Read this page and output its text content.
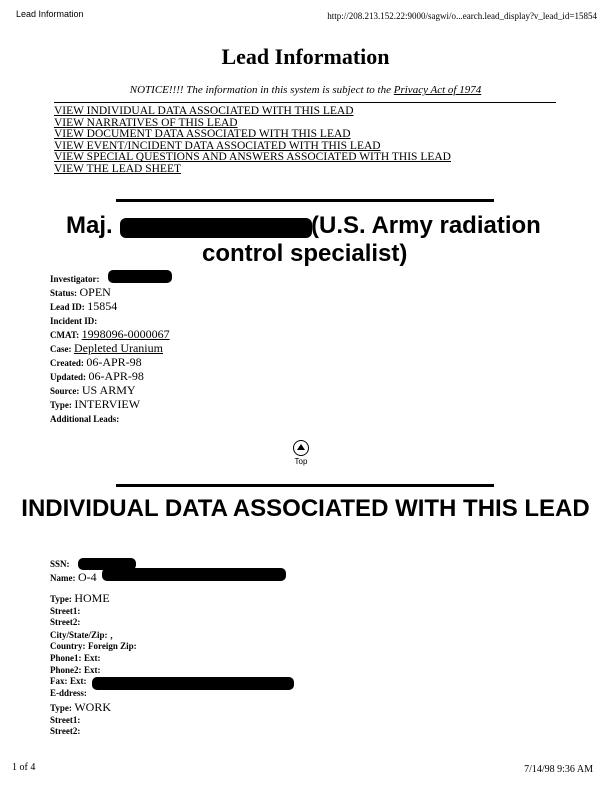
Lead Information	http://208.213.152.22:9000/sagwi/o...earch.lead_display?v_lead_id=15854
Lead Information
NOTICE!!!! The information in this system is subject to the Privacy Act of 1974
VIEW INDIVIDUAL DATA ASSOCIATED WITH THIS LEAD
VIEW NARRATIVES OF THIS LEAD
VIEW DOCUMENT DATA ASSOCIATED WITH THIS LEAD
VIEW EVENT/INCIDENT DATA ASSOCIATED WITH THIS LEAD
VIEW SPECIAL QUESTIONS AND ANSWERS ASSOCIATED WITH THIS LEAD
VIEW THE LEAD SHEET
Maj.	(U.S. Army radiation
control specialist)
Investigator:
Status: OPEN
Lead ID: 15854
Incident ID:
CMAT: 1998096-0000067
Case: Depleted Uranium
Created: 06-APR-98
Updated: 06-APR-98
Source: US ARMY
Type: INTERVIEW
Additional Leads:
Top
INDIVIDUAL DATA ASSOCIATED WITH THIS LEAD
SSN:
Name: O-4
Type: HOME
Street1:
Street2:
City/State/Zip: ,
Country: Foreign Zip:
Phone1: Ext:
Phone2: Ext:
Fax: Ext:
E-ddress:
Type: WORK
Street1:
Street2:
1 of 4	7/14/98 9:36 AM
